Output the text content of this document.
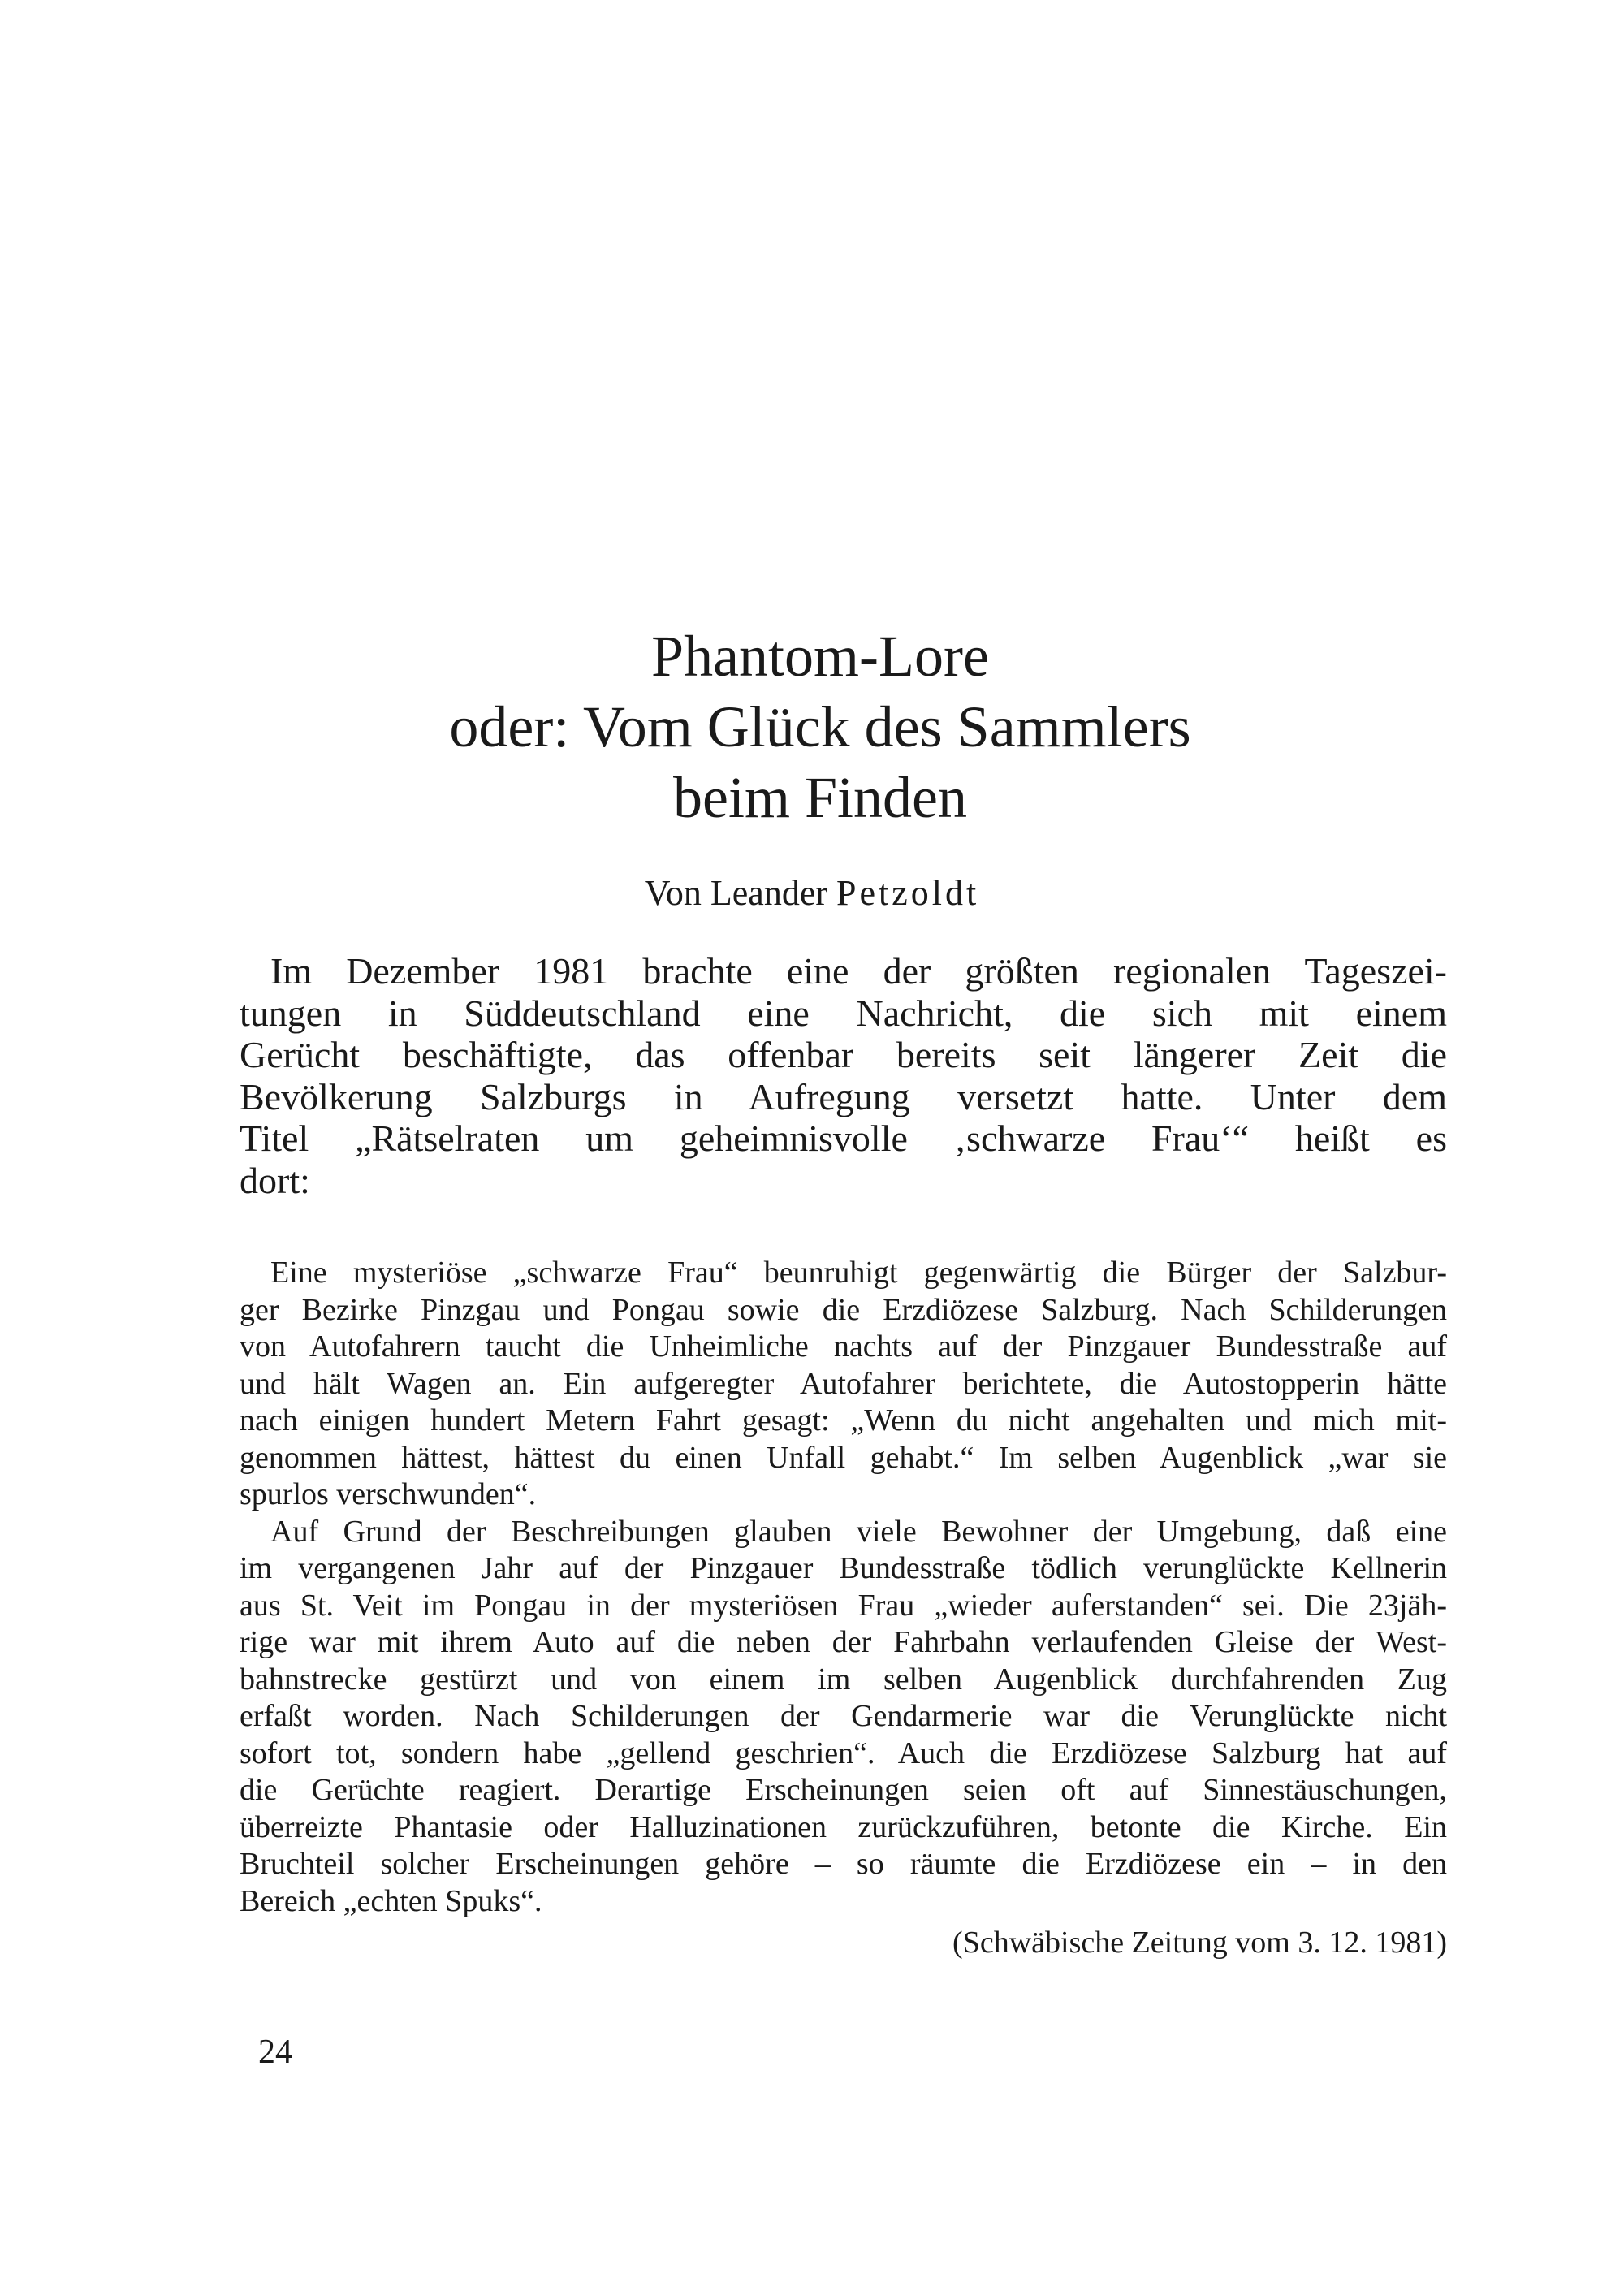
Phantom-Lore
oder: Vom Glück des Sammlers
beim Finden
Von Leander Petzoldt
Im Dezember 1981 brachte eine der größten regionalen Tageszei-
tungen in Süddeutschland eine Nachricht, die sich mit einem
Gerücht beschäftigte, das offenbar bereits seit längerer Zeit die
Bevölkerung Salzburgs in Aufregung versetzt hatte. Unter dem
Titel „Rätselraten um geheimnisvolle ‚schwarze Frau‘“ heißt es
dort:
Eine mysteriöse „schwarze Frau“ beunruhigt gegenwärtig die Bürger der Salzbur-
ger Bezirke Pinzgau und Pongau sowie die Erzdiözese Salzburg. Nach Schilderungen
von Autofahrern taucht die Unheimliche nachts auf der Pinzgauer Bundesstraße auf
und hält Wagen an. Ein aufgeregter Autofahrer berichtete, die Autostopperin hätte
nach einigen hundert Metern Fahrt gesagt: „Wenn du nicht angehalten und mich mit-
genommen hättest, hättest du einen Unfall gehabt.“ Im selben Augenblick „war sie
spurlos verschwunden“.
Auf Grund der Beschreibungen glauben viele Bewohner der Umgebung, daß eine
im vergangenen Jahr auf der Pinzgauer Bundesstraße tödlich verunglückte Kellnerin
aus St. Veit im Pongau in der mysteriösen Frau „wieder auferstanden“ sei. Die 23jäh-
rige war mit ihrem Auto auf die neben der Fahrbahn verlaufenden Gleise der West-
bahnstrecke gestürzt und von einem im selben Augenblick durchfahrenden Zug
erfaßt worden. Nach Schilderungen der Gendarmerie war die Verunglückte nicht
sofort tot, sondern habe „gellend geschrien“. Auch die Erzdiözese Salzburg hat auf
die Gerüchte reagiert. Derartige Erscheinungen seien oft auf Sinnestäuschungen,
überreizte Phantasie oder Halluzinationen zurückzuführen, betonte die Kirche. Ein
Bruchteil solcher Erscheinungen gehöre – so räumte die Erzdiözese ein – in den
Bereich „echten Spuks“.
(Schwäbische Zeitung vom 3. 12. 1981)
24
